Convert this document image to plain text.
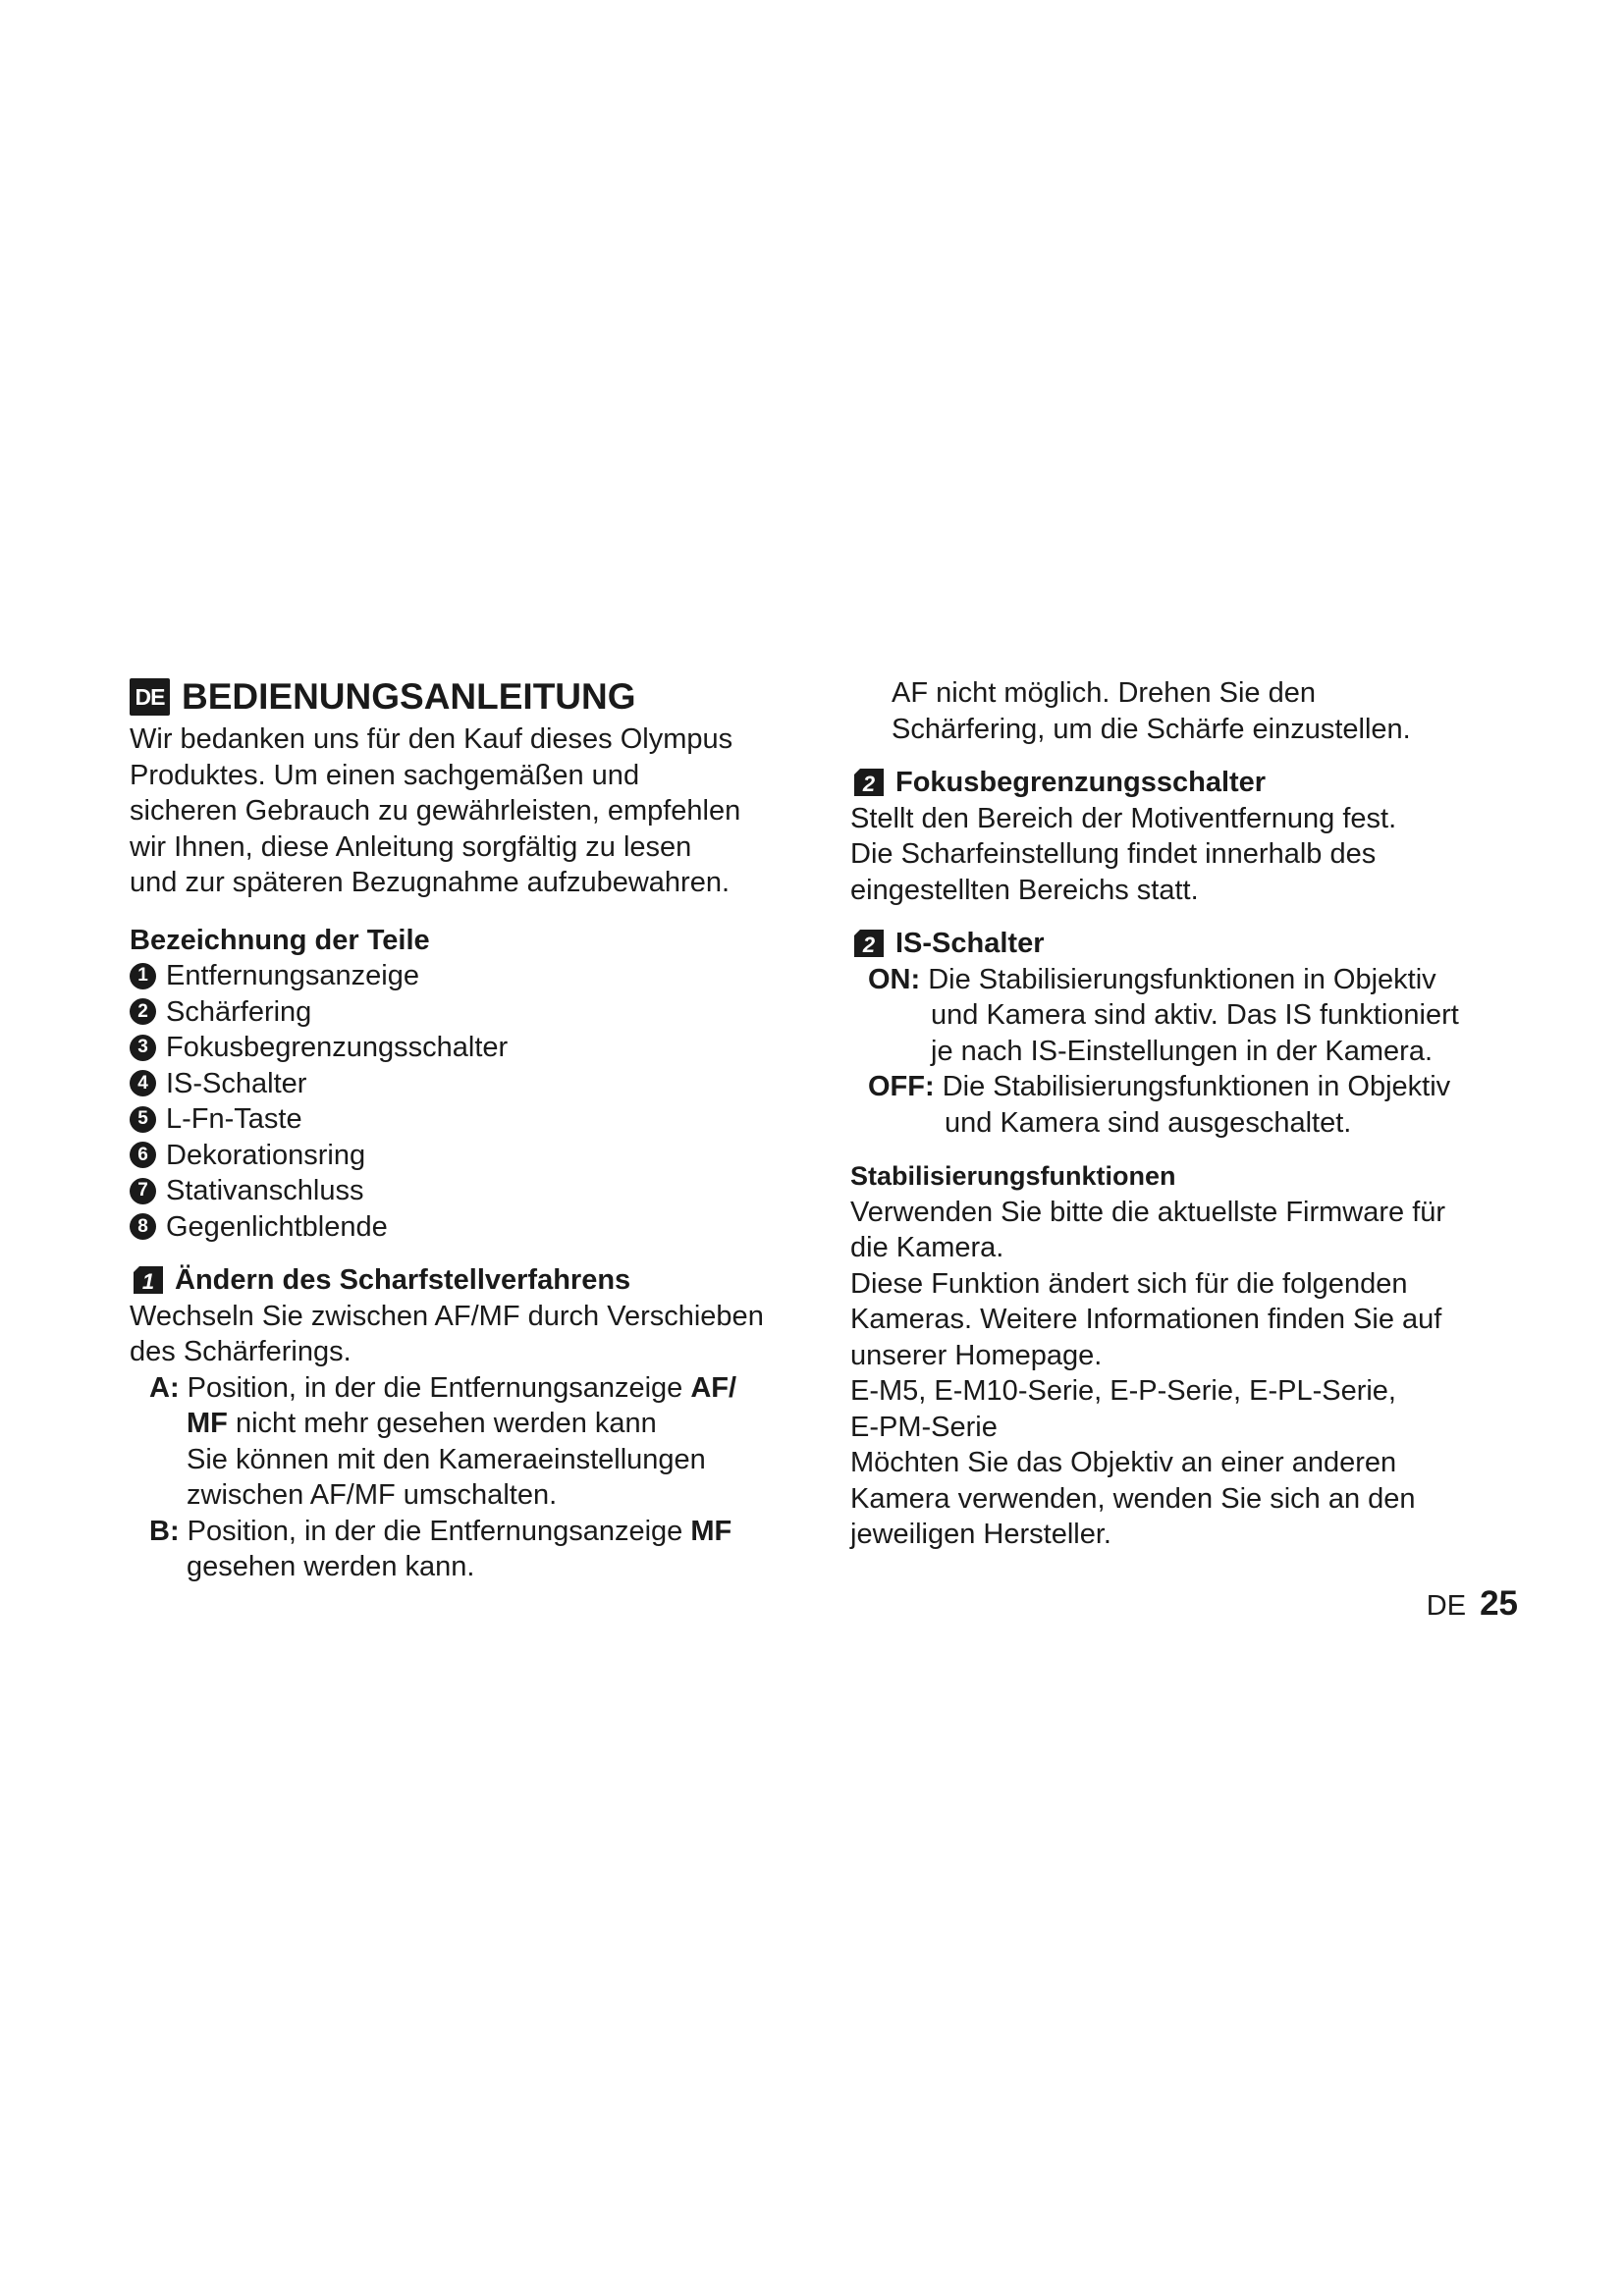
DE BEDIENUNGSANLEITUNG
Wir bedanken uns für den Kauf dieses Olympus
Produktes. Um einen sachgemäßen und
sicheren Gebrauch zu gewährleisten, empfehlen
wir Ihnen, diese Anleitung sorgfältig zu lesen
und zur späteren Bezugnahme aufzubewahren.
Bezeichnung der Teile
1 Entfernungsanzeige
2 Schärfering
3 Fokusbegrenzungsschalter
4 IS-Schalter
5 L-Fn-Taste
6 Dekorationsring
7 Stativanschluss
8 Gegenlichtblende
1 Ändern des Scharfstellverfahrens
Wechseln Sie zwischen AF/MF durch Verschieben
des Schärferings.
A: Position, in der die Entfernungsanzeige AF/
MF nicht mehr gesehen werden kann
Sie können mit den Kameraeinstellungen
zwischen AF/MF umschalten.
B: Position, in der die Entfernungsanzeige MF
gesehen werden kann.
AF nicht möglich. Drehen Sie den
Schärfering, um die Schärfe einzustellen.
2 Fokusbegrenzungsschalter
Stellt den Bereich der Motiventfernung fest.
Die Scharfeinstellung findet innerhalb des
eingestellten Bereichs statt.
2 IS-Schalter
ON: Die Stabilisierungsfunktionen in Objektiv
und Kamera sind aktiv. Das IS funktioniert
je nach IS-Einstellungen in der Kamera.
OFF: Die Stabilisierungsfunktionen in Objektiv
und Kamera sind ausgeschaltet.
Stabilisierungsfunktionen
Verwenden Sie bitte die aktuellste Firmware für
die Kamera.
Diese Funktion ändert sich für die folgenden
Kameras. Weitere Informationen finden Sie auf
unserer Homepage.
E-M5, E-M10-Serie, E-P-Serie, E-PL-Serie,
E-PM-Serie
Möchten Sie das Objektiv an einer anderen
Kamera verwenden, wenden Sie sich an den
jeweiligen Hersteller.
DE 25
